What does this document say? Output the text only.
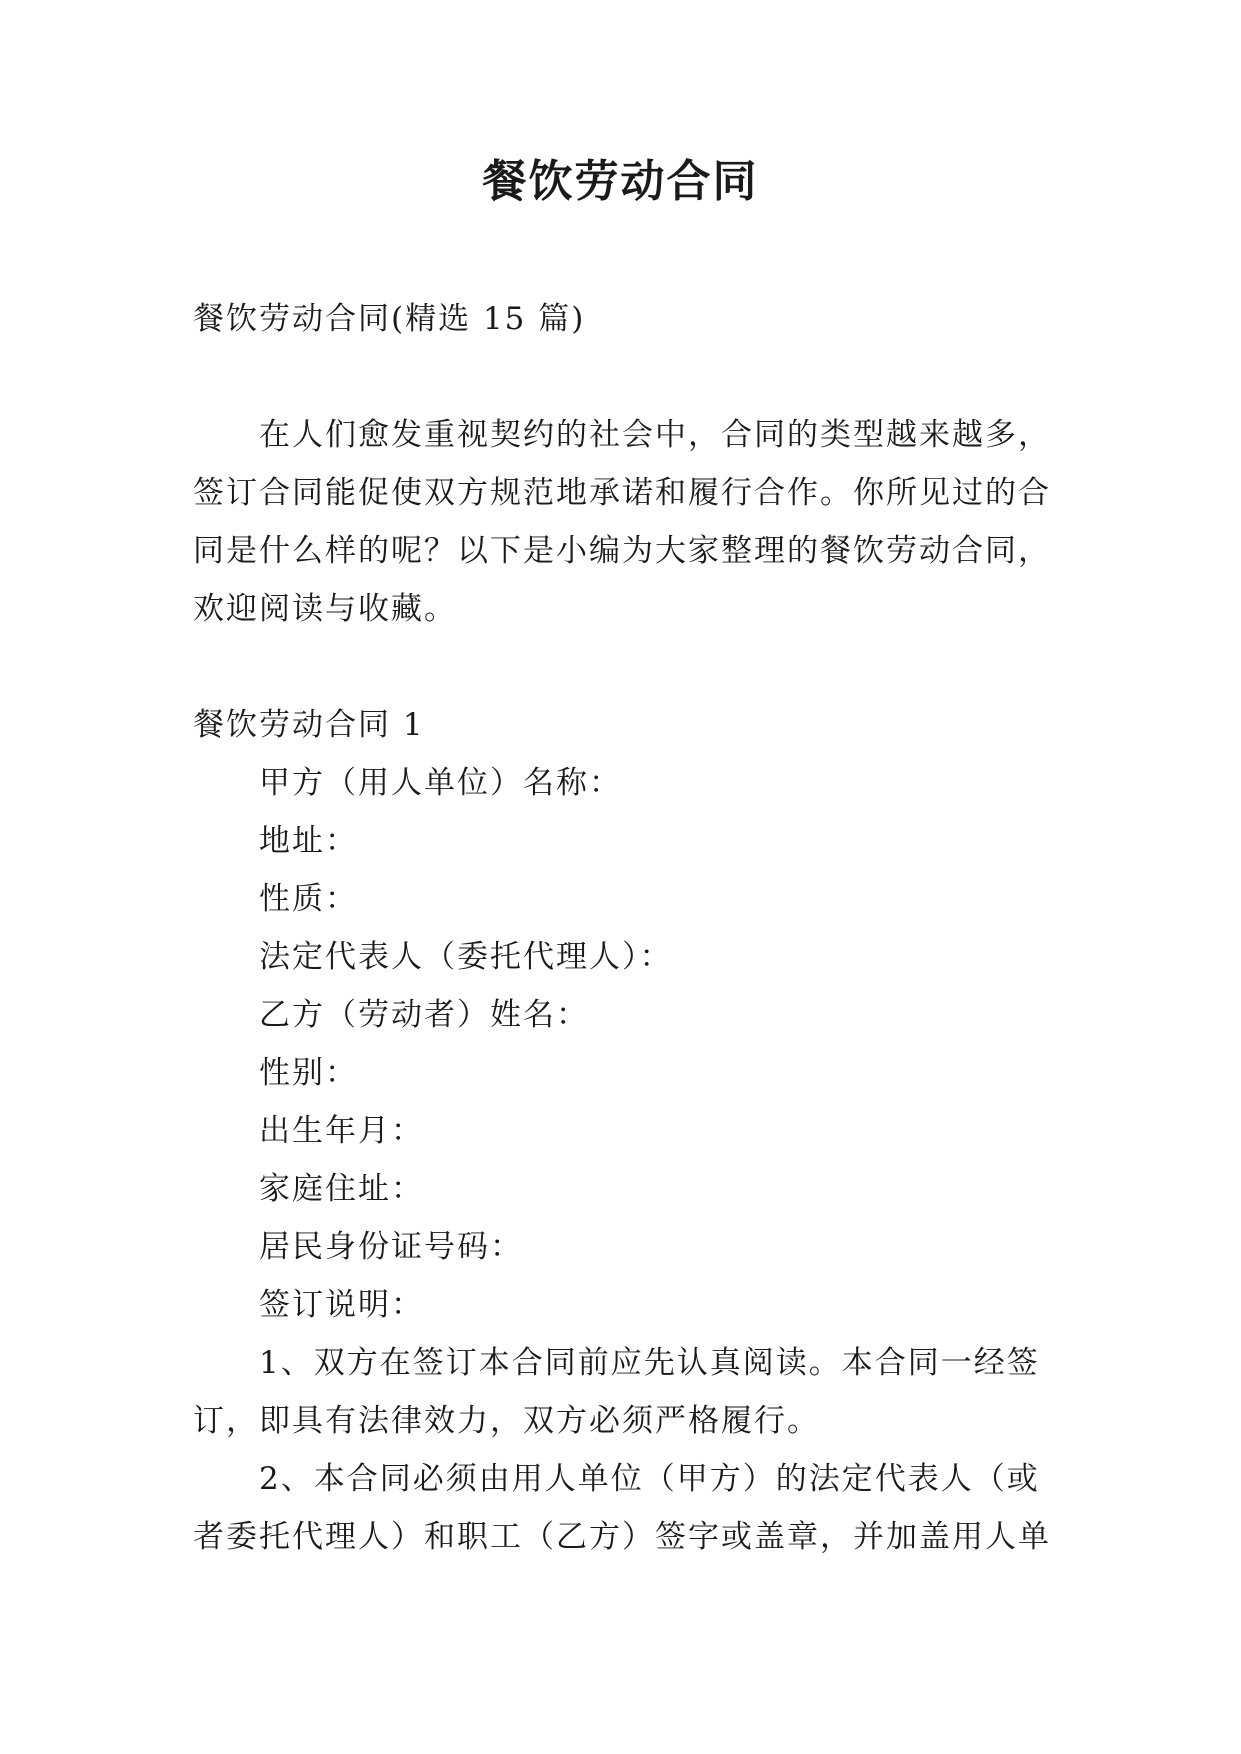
餐饮劳动合同

餐饮劳动合同(精选 15 篇)

在人们愈发重视契约的社会中，合同的类型越来越多，签订合同能促使双方规范地承诺和履行合作。你所见过的合同是什么样的呢？以下是小编为大家整理的餐饮劳动合同，欢迎阅读与收藏。

餐饮劳动合同 1

甲方（用人单位）名称：

地址：

性质：

法定代表人（委托代理人）：

乙方（劳动者）姓名：

性别：

出生年月：

家庭住址：

居民身份证号码：

签订说明：

1、双方在签订本合同前应先认真阅读。本合同一经签订，即具有法律效力，双方必须严格履行。

2、本合同必须由用人单位（甲方）的法定代表人（或者委托代理人）和职工（乙方）签字或盖章，并加盖用人单
